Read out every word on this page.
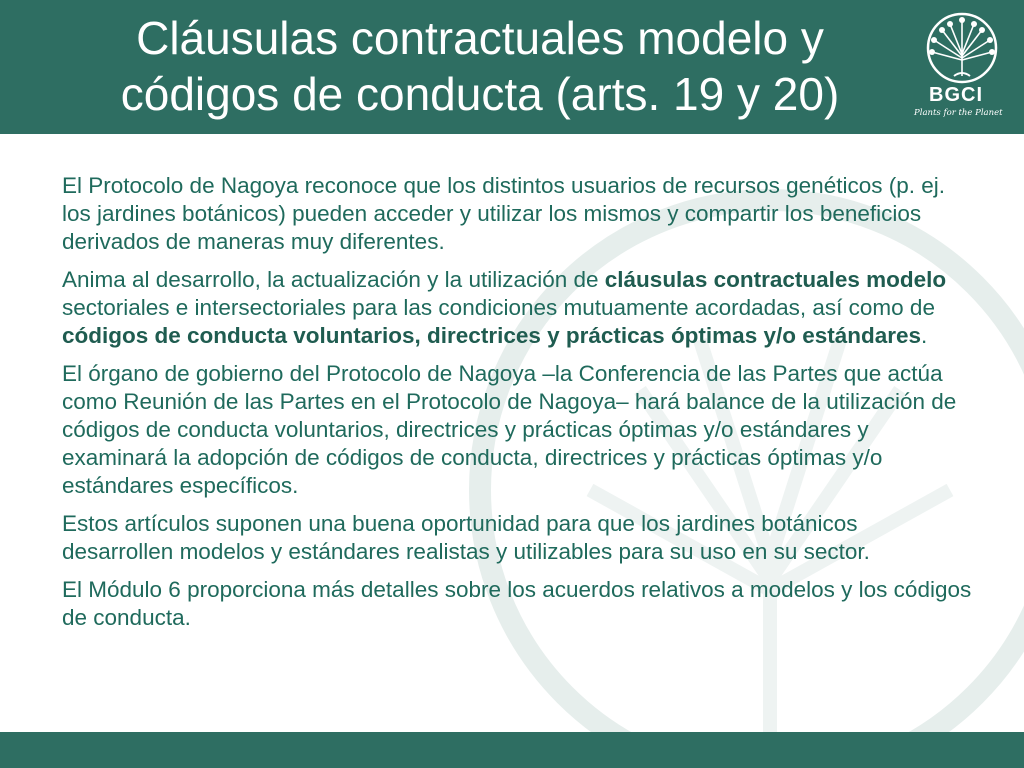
Cláusulas contractuales modelo y
códigos de conducta (arts. 19 y 20)	BGCI
Plants for the Planet

El Protocolo de Nagoya reconoce que los distintos usuarios de recursos genéticos (p. ej. los jardines botánicos) pueden acceder y utilizar los mismos y compartir los beneficios derivados de maneras muy diferentes.

Anima al desarrollo, la actualización y la utilización de cláusulas contractuales modelo sectoriales e intersectoriales para las condiciones mutuamente acordadas, así como de códigos de conducta voluntarios, directrices y prácticas óptimas y/o estándares.

El órgano de gobierno del Protocolo de Nagoya –la Conferencia de las Partes que actúa como Reunión de las Partes en el Protocolo de Nagoya– hará balance de la utilización de códigos de conducta voluntarios, directrices y prácticas óptimas y/o estándares y examinará la adopción de códigos de conducta, directrices y prácticas óptimas y/o estándares específicos.

Estos artículos suponen una buena oportunidad para que los jardines botánicos desarrollen modelos y estándares realistas y utilizables para su uso en su sector.

El Módulo 6 proporciona más detalles sobre los acuerdos relativos a modelos y los códigos de conducta.
